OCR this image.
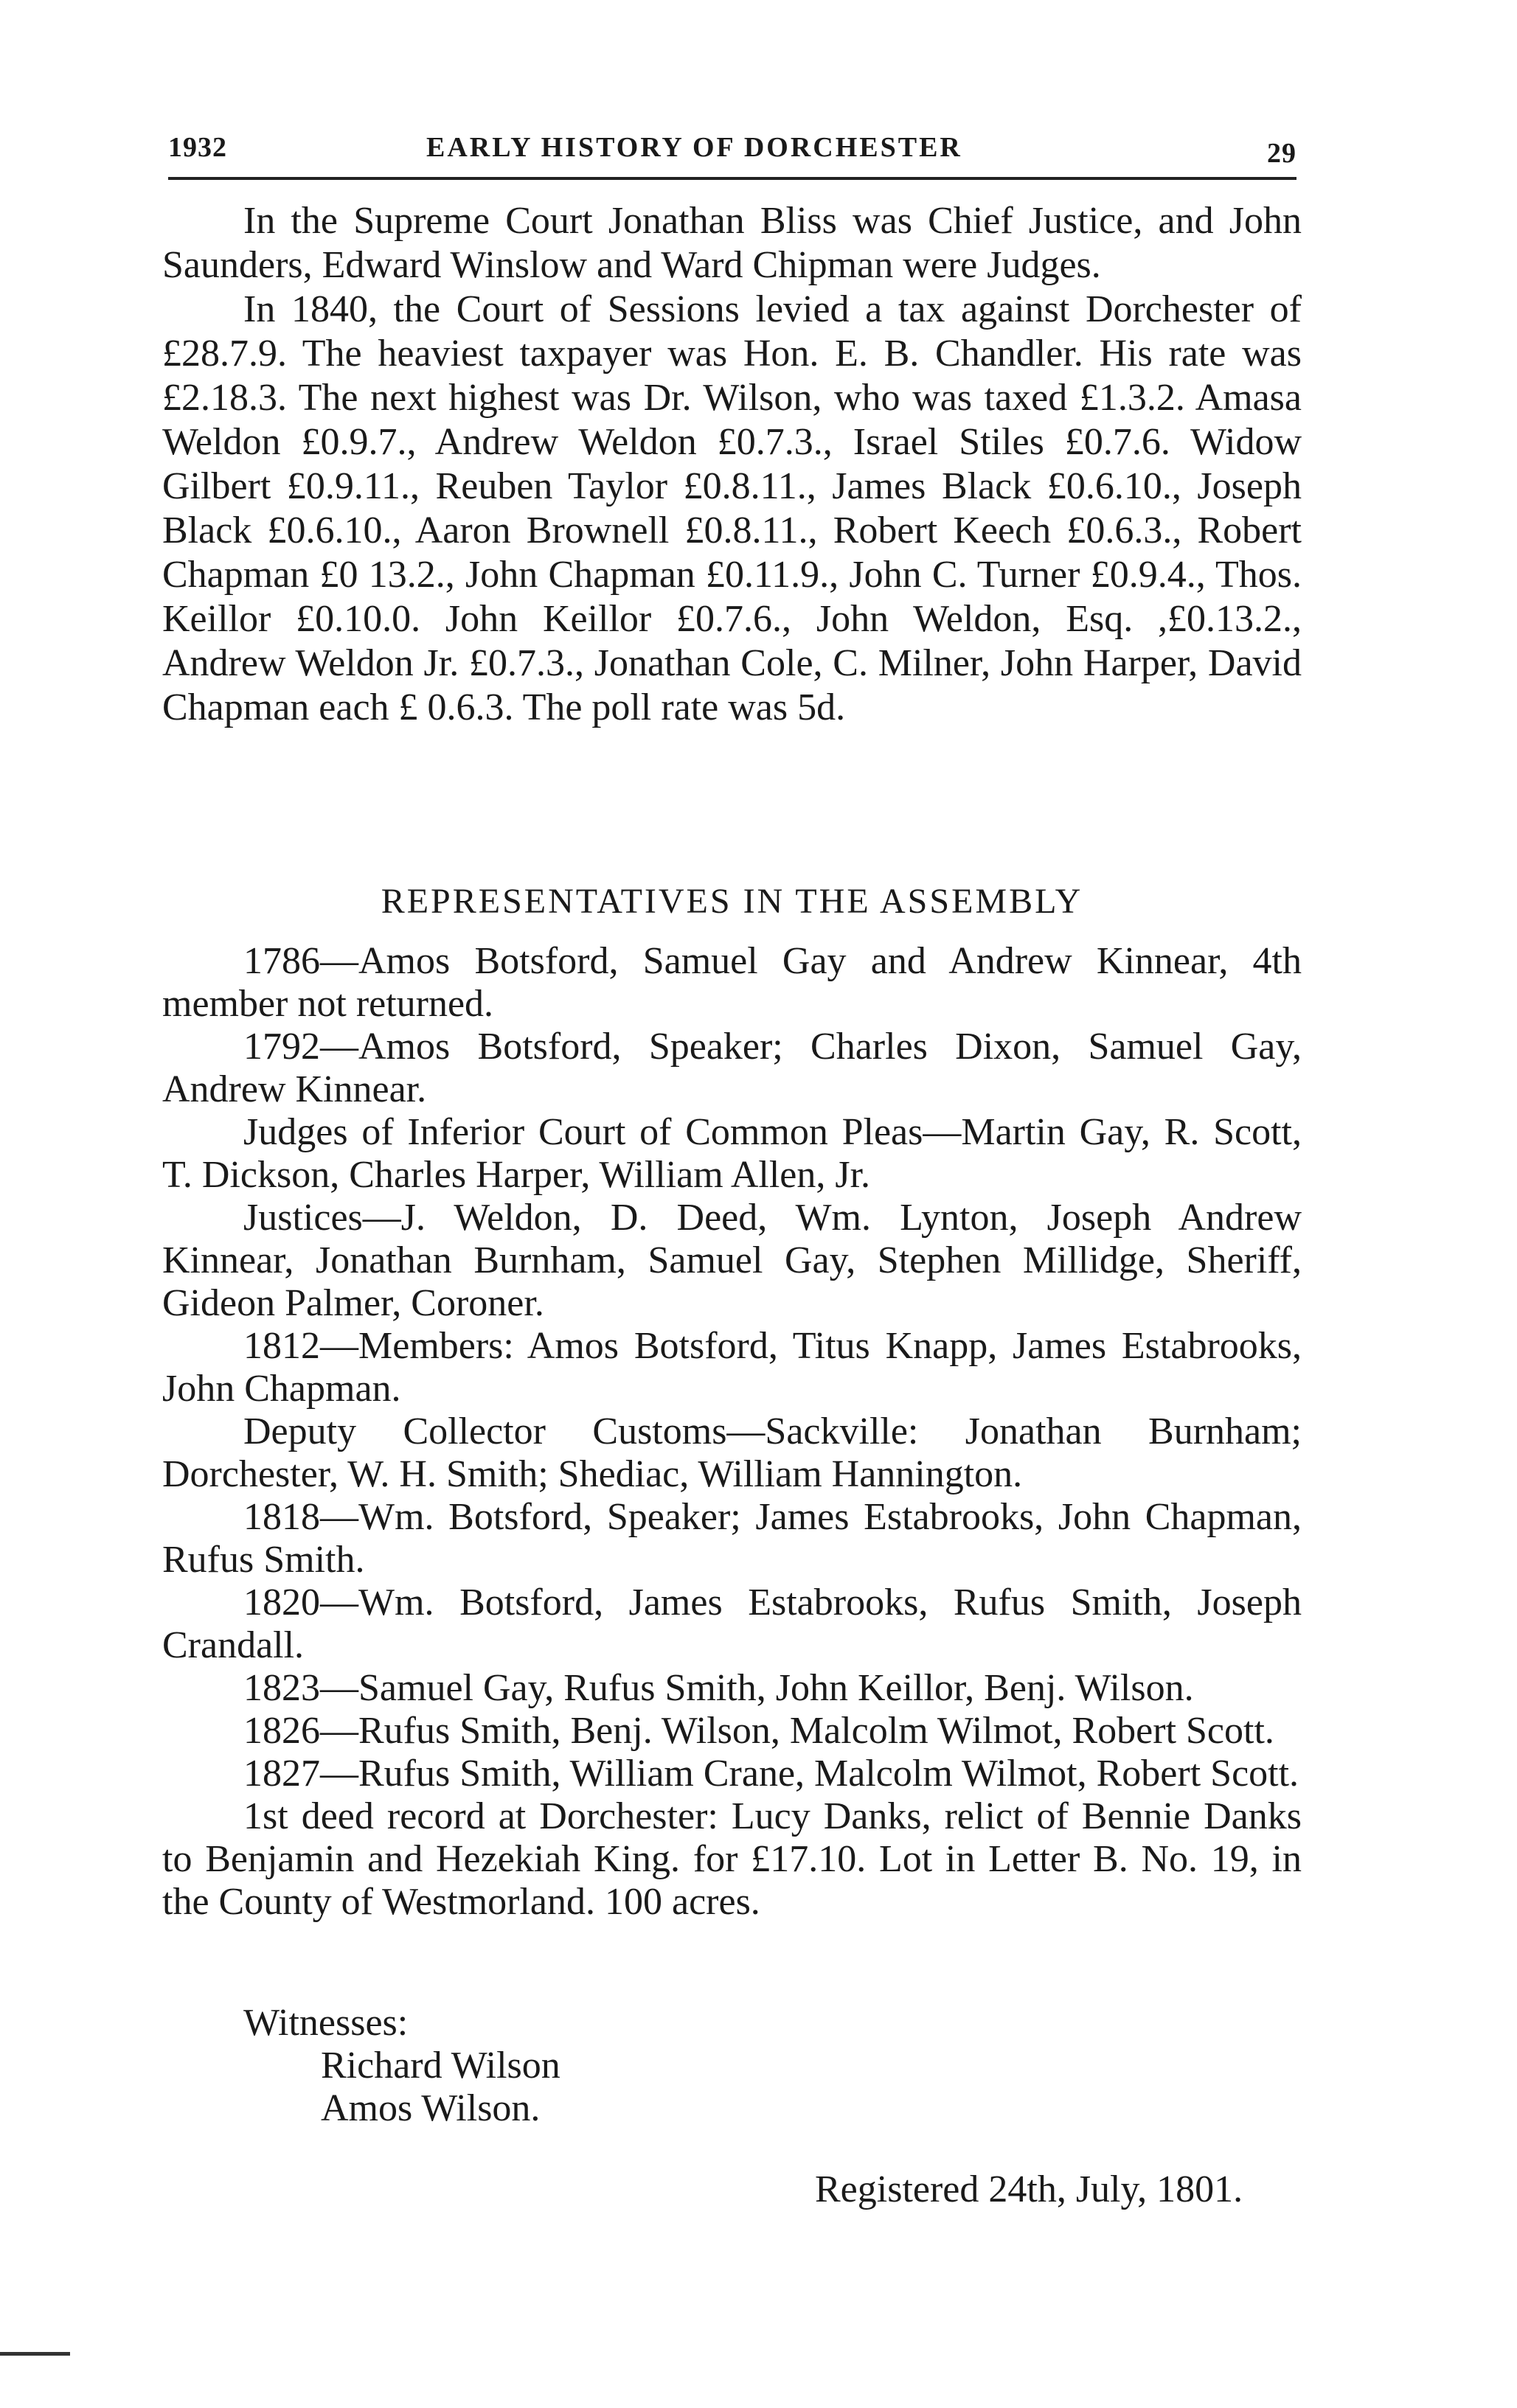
1932	EARLY HISTORY OF DORCHESTER	29

In the Supreme Court Jonathan Bliss was Chief Justice, and John Saunders, Edward Winslow and Ward Chipman were Judges.

In 1840, the Court of Sessions levied a tax against Dorchester of £28.7.9. The heaviest taxpayer was Hon. E. B. Chandler. His rate was £2.18.3. The next highest was Dr. Wilson, who was taxed £1.3.2. Amasa Weldon £0.9.7., Andrew Weldon £0.7.3., Israel Stiles £0.7.6. Widow Gilbert £0.9.11., Reuben Taylor £0.8.11., James Black £0.6.10., Joseph Black £0.6.10., Aaron Brownell £0.8.11., Robert Keech £0.6.3., Robert Chapman £0 13.2., John Chapman £0.11.9., John C. Turner £0.9.4., Thos. Keillor £0.10.0. John Keillor £0.7.6., John Weldon, Esq. ,£0.13.2., Andrew Weldon Jr. £0.7.3., Jonathan Cole, C. Milner, John Harper, David Chapman each £ 0.6.3. The poll rate was 5d.

REPRESENTATIVES IN THE ASSEMBLY

1786—Amos Botsford, Samuel Gay and Andrew Kinnear, 4th member not returned.

1792—Amos Botsford, Speaker; Charles Dixon, Samuel Gay, Andrew Kinnear.

Judges of Inferior Court of Common Pleas—Martin Gay, R. Scott, T. Dickson, Charles Harper, William Allen, Jr.

Justices—J. Weldon, D. Deed, Wm. Lynton, Joseph Andrew Kinnear, Jonathan Burnham, Samuel Gay, Stephen Millidge, Sheriff, Gideon Palmer, Coroner.

1812—Members: Amos Botsford, Titus Knapp, James Estabrooks, John Chapman.

Deputy Collector Customs—Sackville: Jonathan Burnham; Dorchester, W. H. Smith; Shediac, William Hannington.

1818—Wm. Botsford, Speaker; James Estabrooks, John Chapman, Rufus Smith.

1820—Wm. Botsford, James Estabrooks, Rufus Smith, Joseph Crandall.

1823—Samuel Gay, Rufus Smith, John Keillor, Benj. Wilson.

1826—Rufus Smith, Benj. Wilson, Malcolm Wilmot, Robert Scott.

1827—Rufus Smith, William Crane, Malcolm Wilmot, Robert Scott.

1st deed record at Dorchester: Lucy Danks, relict of Bennie Danks to Benjamin and Hezekiah King. for £17.10. Lot in Letter B. No. 19, in the County of Westmorland. 100 acres.

Witnesses:
Richard Wilson
Amos Wilson.
Registered 24th, July, 1801.
